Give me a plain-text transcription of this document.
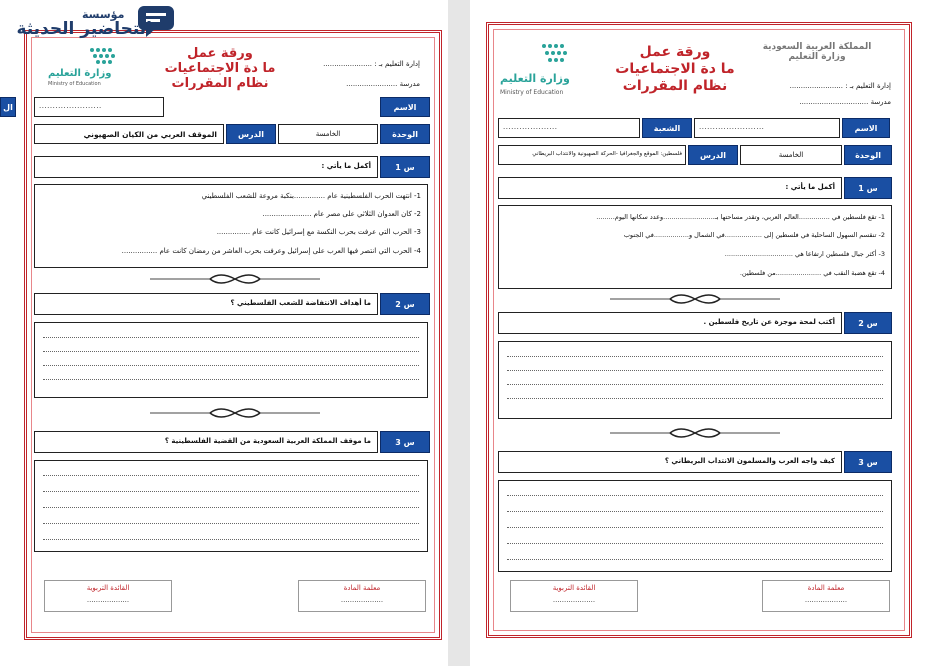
مؤسسة
التحاضير الحديثة
إدارة التعليم بـ : ......................
مدرسة .......................
ورقة عمل
ما دة الاجتماعيات
نظام المقررات
وزارة التعليم
Ministry of Education
ال	الاسم
.......................
الوحدة
الخامسة
الدرس
الموقف العربي من الكيان الصهيوني
س 1
أكمل ما يأتي :
1- انتهت الحرب الفلسطينية عام ..............بنكبة مروعة للشعب الفلسطيني
2- كان العدوان الثلاثي على مصر عام ......................
3- الحرب التي عرفت بحرب النكسة مع إسرائيل كانت عام ...............
4- الحرب التي انتصر فيها العرب على إسرائيل وعرفت بحرب العاشر من رمضان كانت عام ................
س 2
ما أهداف الانتفاضة للشعب الفلسطيني ؟
س 3
ما موقف المملكة العربية السعودية من القضية الفلسطينية ؟
معلمة المادة
...................
القائدة التربوية
...................
المملكة العربية السعودية
وزارة التعليم
إدارة التعليم بـ : ........................
مدرسة ...............................
ورقة عمل
ما دة الاجتماعيات
نظام المقررات
وزارة التعليم
Ministry of Education
الاسم
........................
الشعبة
....................
الوحدة
الخامسة
الدرس
فلسطين: الموقع والجغرافيا -الحركة الصهيونية والانتداب البريطاني
س 1
أكمل ما يأتي :
1- تقع فلسطين في ...............العالم العربي، وتقدر مساحتها بـ.........................وعدد سكانها اليوم.........
2- تنقسم السهول الساحلية في فلسطين إلى ..................في الشمال و.................في الجنوب
3- أكثر جبال فلسطين ارتفاعا هي .................................
4- تقع هضبة النقب في ......................من فلسطين.
س 2
أكتب لمحة موجزة عن تاريخ فلسطين .
س 3
كيف واجه العرب والمسلمون الانتداب البريطاني ؟
معلمة المادة
...................
القائدة التربوية
...................
